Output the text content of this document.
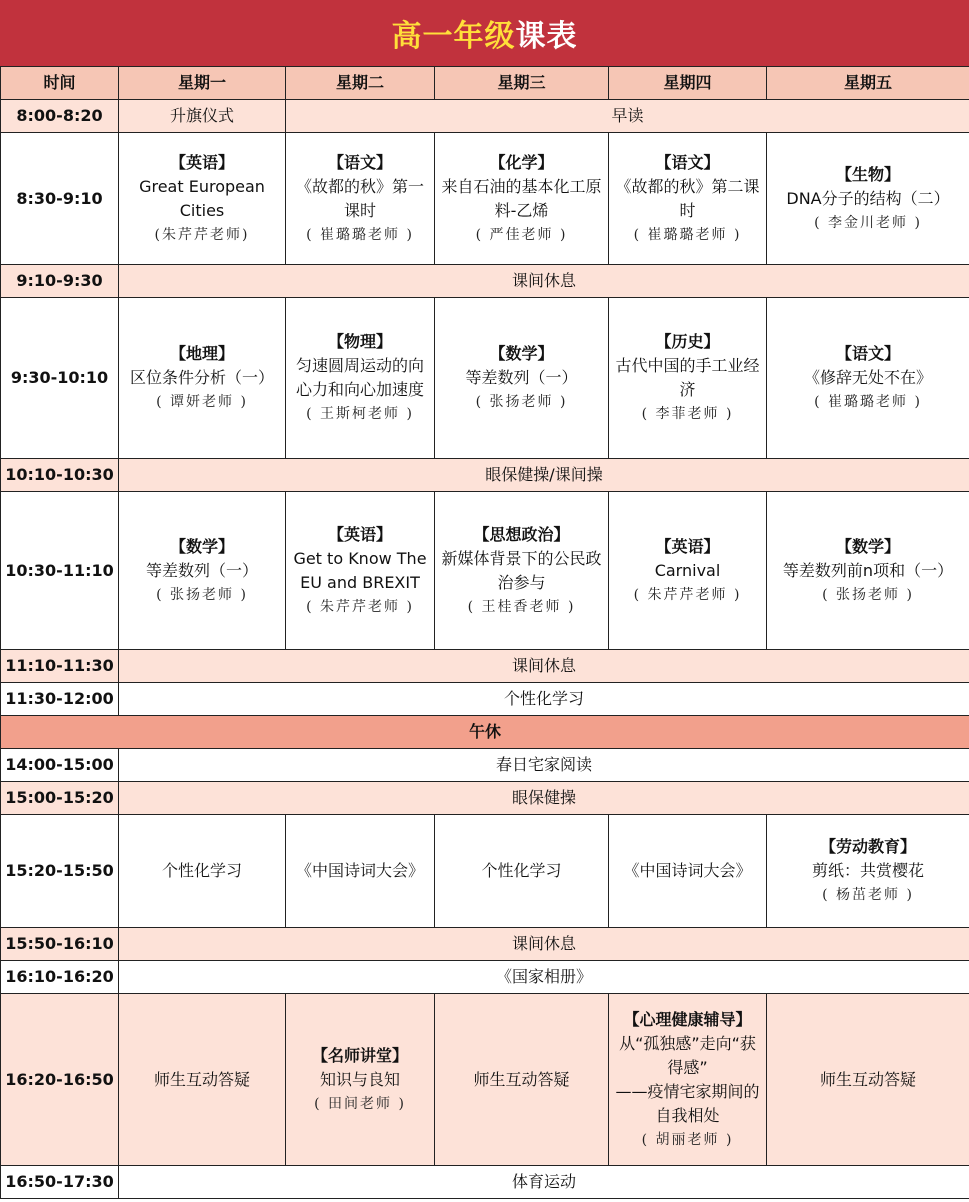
高一年级课表
时间	星期一	星期二	星期三	星期四	星期五
8:00-8:20	升旗仪式	早读			
8:30-9:10	【英语】
Great European Cities
(朱芹芹老师)	【语文】
《故都的秋》第一课时
( 崔璐璐老师 )	【化学】
来自石油的基本化工原料-乙烯
( 严佳老师 )	【语文】
《故都的秋》第二课时
( 崔璐璐老师 )	【生物】
DNA分子的结构（二）
( 李金川老师 )

9:10-9:30	课间休息				
9:30-10:10	【地理】
区位条件分析（一）
( 谭妍老师 )	【物理】
匀速圆周运动的向心力和向心加速度
( 王斯柯老师 )	【数学】
等差数列（一）
( 张扬老师 )	【历史】
古代中国的手工业经济
( 李菲老师 )	【语文】
《修辞无处不在》
( 崔璐璐老师 )

10:10-10:30	眼保健操/课间操				
10:30-11:10	【数学】
等差数列（一）
( 张扬老师 )	【英语】
Get to Know The EU and BREXIT
( 朱芹芹老师 )	【思想政治】
新媒体背景下的公民政治参与
( 王桂香老师 )	【英语】
Carnival
( 朱芹芹老师 )	【数学】
等差数列前n项和（一）
( 张扬老师 )

11:10-11:30	课间休息				
11:30-12:00	个性化学习				
午休					
14:00-15:00	春日宅家阅读				
15:00-15:20	眼保健操				
15:20-15:50	个性化学习	《中国诗词大会》	个性化学习	《中国诗词大会》	【劳动教育】
剪纸：共赏樱花
( 杨茁老师 )

15:50-16:10	课间休息				
16:10-16:20	《国家相册》				
16:20-16:50	师生互动答疑	【名师讲堂】
知识与良知
( 田间老师 )	师生互动答疑	【心理健康辅导】
从“孤独感”走向“获得感”
——疫情宅家期间的自我相处
( 胡丽老师 )	师生互动答疑
16:50-17:30	体育运动				
